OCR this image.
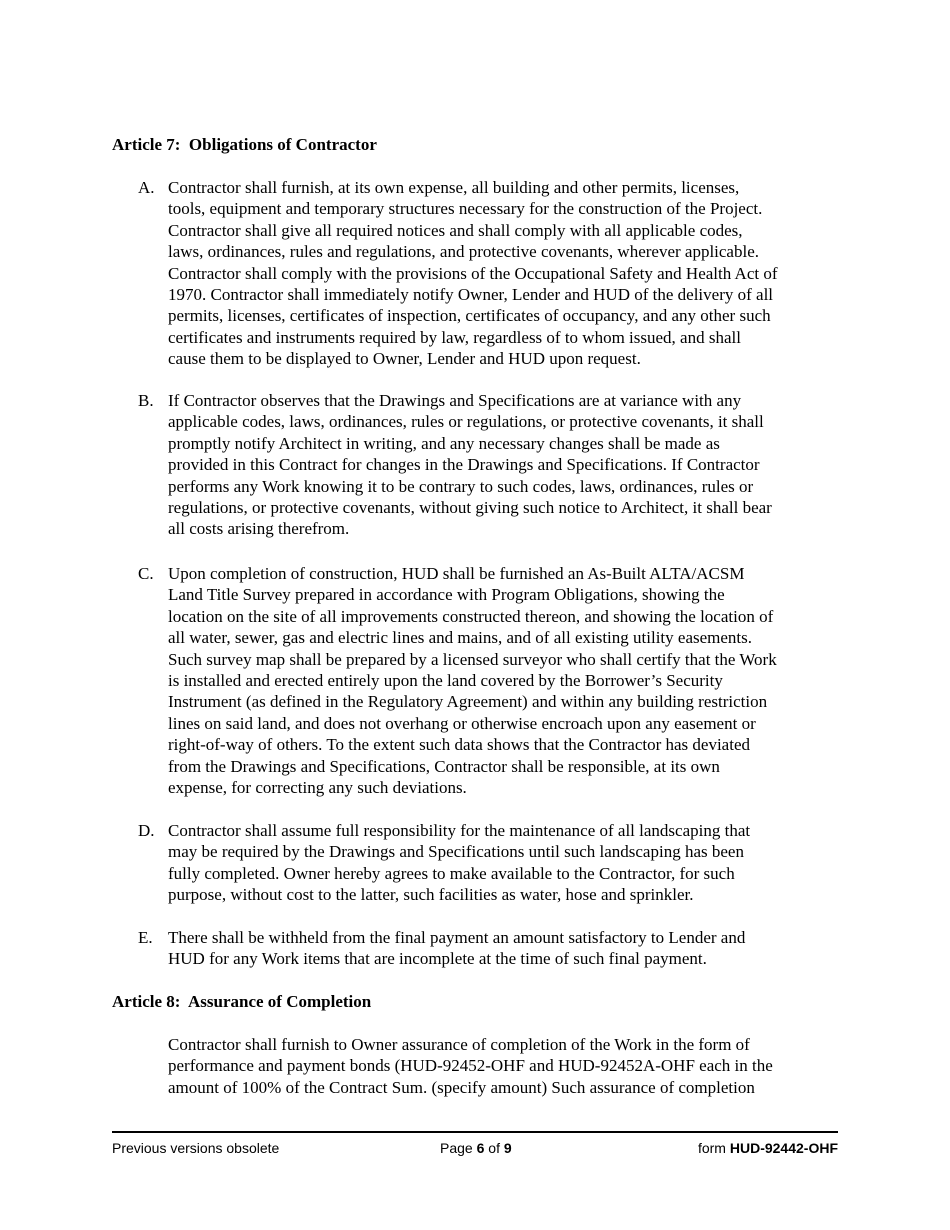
Article 7:  Obligations of Contractor
A. Contractor shall furnish, at its own expense, all building and other permits, licenses,
tools, equipment and temporary structures necessary for the construction of the Project.
Contractor shall give all required notices and shall comply with all applicable codes,
laws, ordinances, rules and regulations, and protective covenants, wherever applicable.
Contractor shall comply with the provisions of the Occupational Safety and Health Act of
1970. Contractor shall immediately notify Owner, Lender and HUD of the delivery of all
permits, licenses, certificates of inspection, certificates of occupancy, and any other such
certificates and instruments required by law, regardless of to whom issued, and shall
cause them to be displayed to Owner, Lender and HUD upon request.
B. If Contractor observes that the Drawings and Specifications are at variance with any
applicable codes, laws, ordinances, rules or regulations, or protective covenants, it shall
promptly notify Architect in writing, and any necessary changes shall be made as
provided in this Contract for changes in the Drawings and Specifications. If Contractor
performs any Work knowing it to be contrary to such codes, laws, ordinances, rules or
regulations, or protective covenants, without giving such notice to Architect, it shall bear
all costs arising therefrom.
C. Upon completion of construction, HUD shall be furnished an As-Built ALTA/ACSM
Land Title Survey prepared in accordance with Program Obligations, showing the
location on the site of all improvements constructed thereon, and showing the location of
all water, sewer, gas and electric lines and mains, and of all existing utility easements.
Such survey map shall be prepared by a licensed surveyor who shall certify that the Work
is installed and erected entirely upon the land covered by the Borrower’s Security
Instrument (as defined in the Regulatory Agreement) and within any building restriction
lines on said land, and does not overhang or otherwise encroach upon any easement or
right-of-way of others. To the extent such data shows that the Contractor has deviated
from the Drawings and Specifications, Contractor shall be responsible, at its own
expense, for correcting any such deviations.
D. Contractor shall assume full responsibility for the maintenance of all landscaping that
may be required by the Drawings and Specifications until such landscaping has been
fully completed. Owner hereby agrees to make available to the Contractor, for such
purpose, without cost to the latter, such facilities as water, hose and sprinkler.
E. There shall be withheld from the final payment an amount satisfactory to Lender and
HUD for any Work items that are incomplete at the time of such final payment.
Article 8:  Assurance of Completion
Contractor shall furnish to Owner assurance of completion of the Work in the form of
performance and payment bonds (HUD-92452-OHF and HUD-92452A-OHF each in the
amount of 100% of the Contract Sum. (specify amount) Such assurance of completion
Previous versions obsolete	Page 6 of 9	form HUD-92442-OHF
